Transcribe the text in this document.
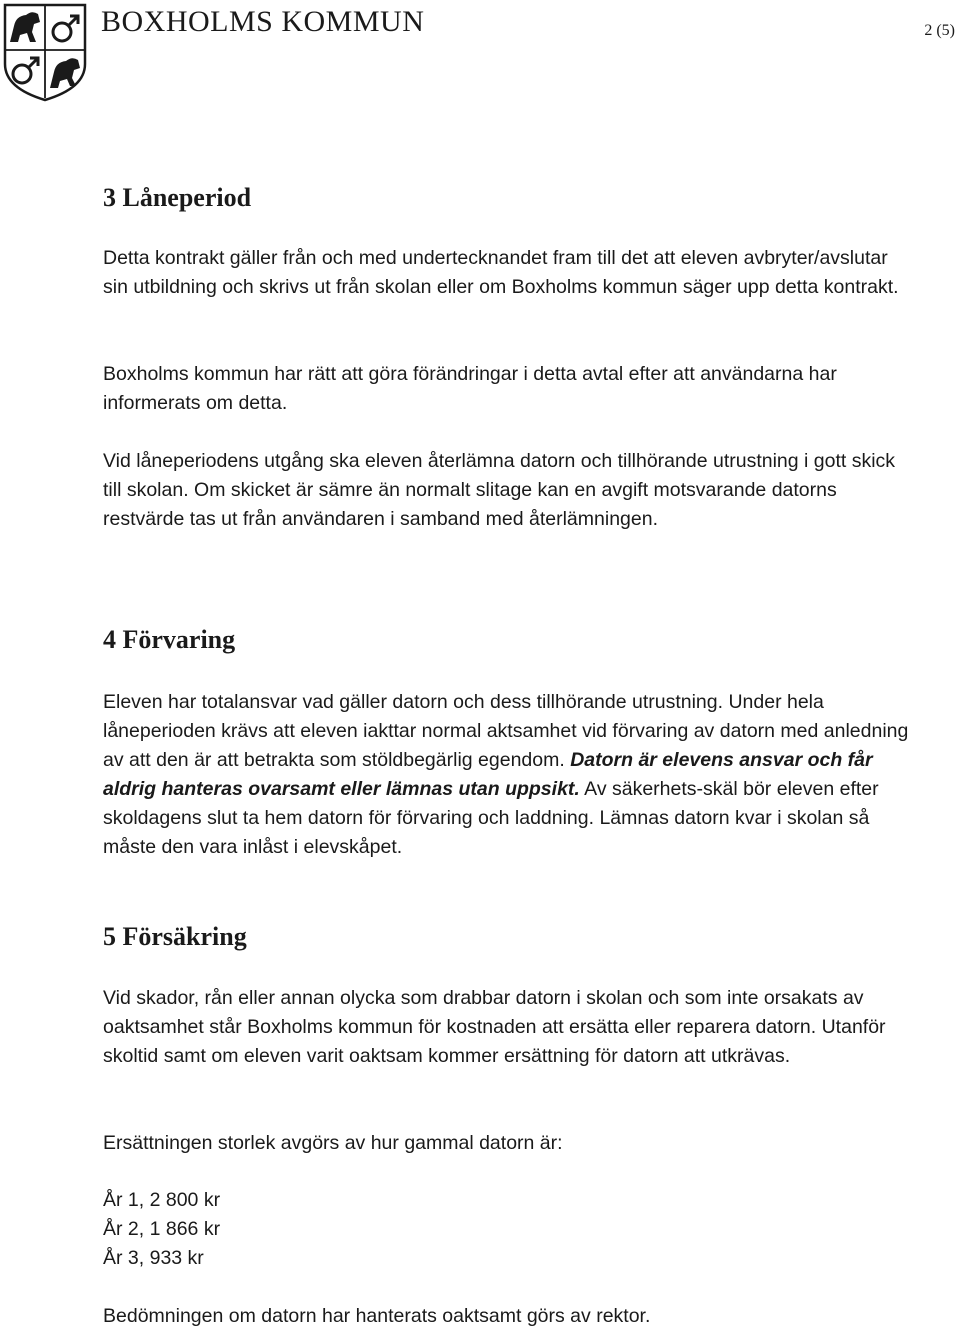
BOXHOLMS KOMMUN	2 (5)
3 Låneperiod

Detta kontrakt gäller från och med undertecknandet fram till det att eleven avbryter/avslutar sin utbildning och skrivs ut från skolan eller om Boxholms kommun säger upp detta kontrakt.

Boxholms kommun har rätt att göra förändringar i detta avtal efter att användarna har informerats om detta.

Vid låneperiodens utgång ska eleven återlämna datorn och tillhörande utrustning i gott skick till skolan. Om skicket är sämre än normalt slitage kan en avgift motsvarande datorns restvärde tas ut från användaren i samband med återlämningen.

4 Förvaring

Eleven har totalansvar vad gäller datorn och dess tillhörande utrustning. Under hela låneperioden krävs att eleven iakttar normal aktsamhet vid förvaring av datorn med anledning av att den är att betrakta som stöldbegärlig egendom. Datorn är elevens ansvar och får aldrig hanteras ovarsamt eller lämnas utan uppsikt. Av säkerhets-skäl bör eleven efter skoldagens slut ta hem datorn för förvaring och laddning. Lämnas datorn kvar i skolan så måste den vara inlåst i elevskåpet.

5 Försäkring

Vid skador, rån eller annan olycka som drabbar datorn i skolan och som inte orsakats av oaktsamhet står Boxholms kommun för kostnaden att ersätta eller reparera datorn. Utanför skoltid samt om eleven varit oaktsam kommer ersättning för datorn att utkrävas.

Ersättningen storlek avgörs av hur gammal datorn är:

År 1, 2 800 kr

År 2, 1 866 kr

År 3, 933 kr

Bedömningen om datorn har hanterats oaktsamt görs av rektor.
